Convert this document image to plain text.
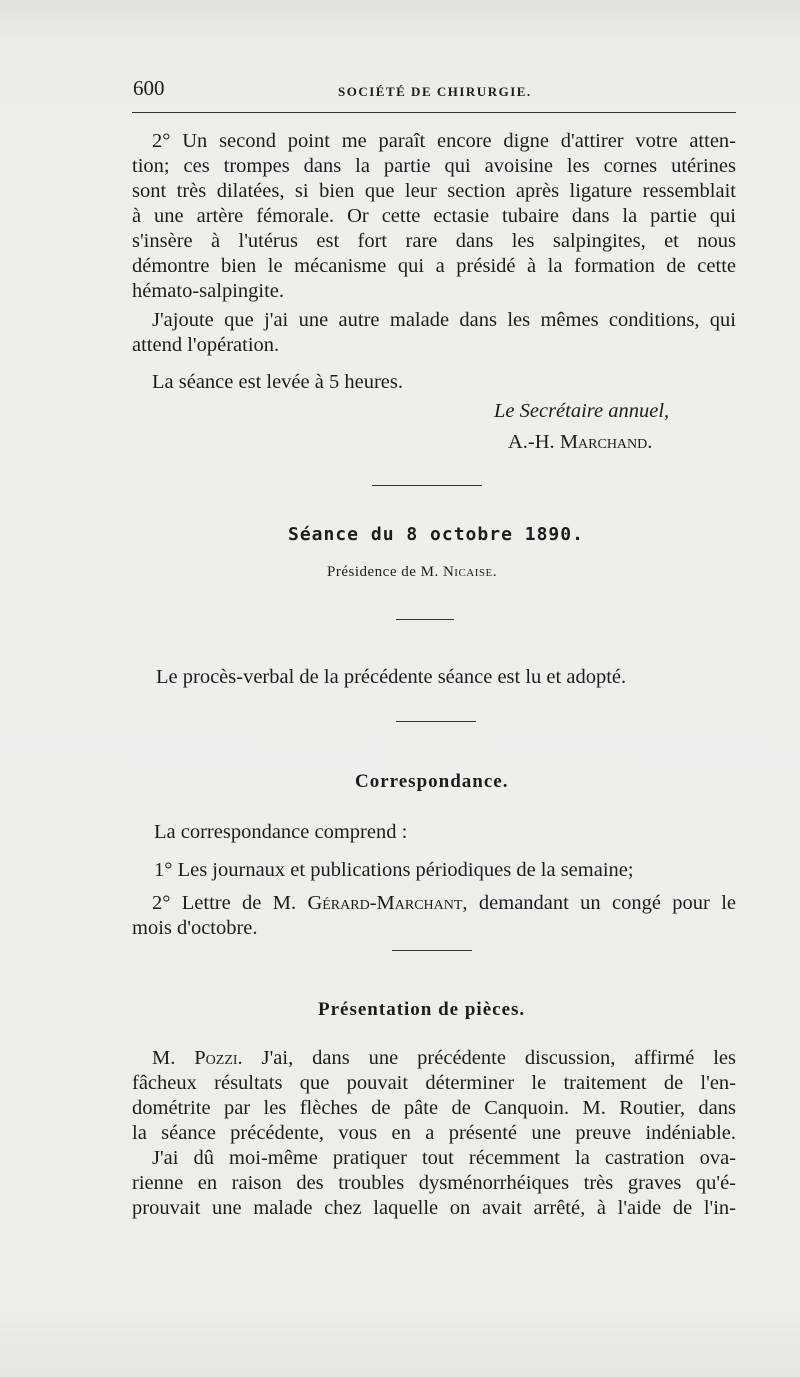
600	SOCIÉTÉ DE CHIRURGIE.
2° Un second point me paraît encore digne d'attirer votre atten-
tion; ces trompes dans la partie qui avoisine les cornes utérines
sont très dilatées, si bien que leur section après ligature ressemblait
à une artère fémorale. Or cette ectasie tubaire dans la partie qui
s'insère à l'utérus est fort rare dans les salpingites, et nous
démontre bien le mécanisme qui a présidé à la formation de cette
hémato-salpingite.
J'ajoute que j'ai une autre malade dans les mêmes conditions, qui
attend l'opération.
La séance est levée à 5 heures.
Le Secrétaire annuel,
A.-H. Marchand.
Séance du 8 octobre 1890.
Présidence de M. Nicaise.
Le procès-verbal de la précédente séance est lu et adopté.
Correspondance.
La correspondance comprend :
1° Les journaux et publications périodiques de la semaine;
2° Lettre de M. Gérard-Marchant, demandant un congé pour le
mois d'octobre.
Présentation de pièces.
M. Pozzi. J'ai, dans une précédente discussion, affirmé les
fâcheux résultats que pouvait déterminer le traitement de l'en-
dométrite par les flèches de pâte de Canquoin. M. Routier, dans
la séance précédente, vous en a présenté une preuve indéniable.
J'ai dû moi-même pratiquer tout récemment la castration ova-
rienne en raison des troubles dysménorrhéiques très graves qu'é-
prouvait une malade chez laquelle on avait arrêté, à l'aide de l'in-
